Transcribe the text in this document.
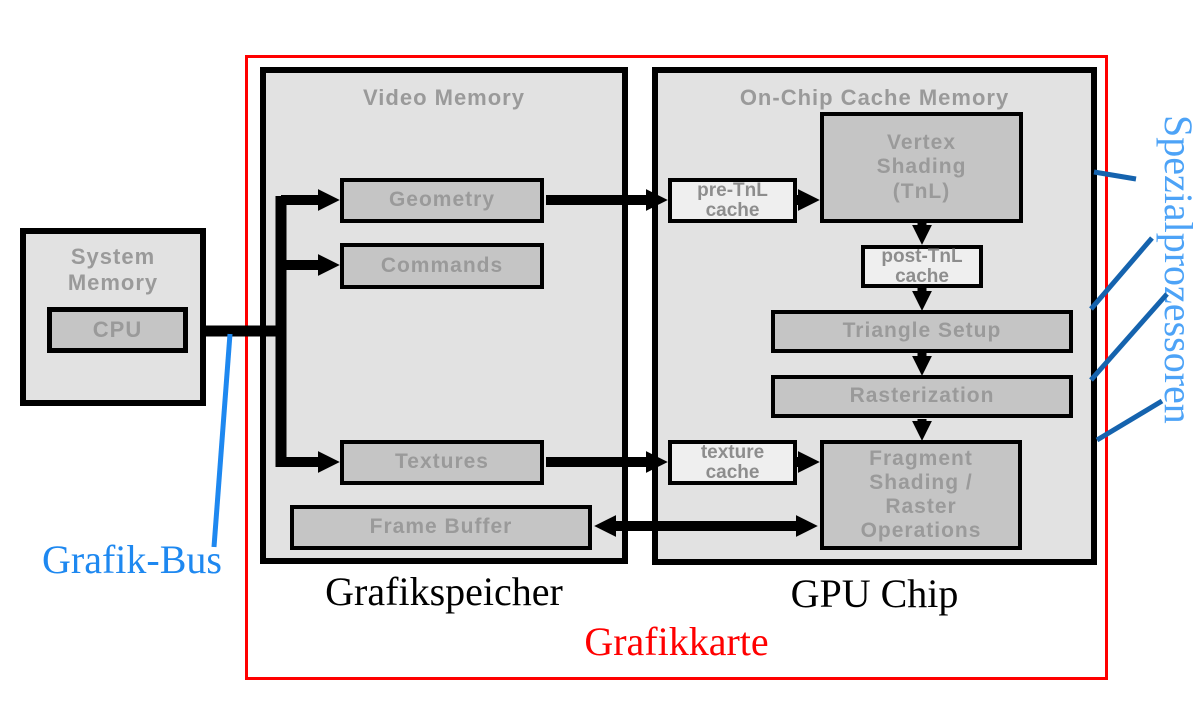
System Memory
CPU
Video Memory	On-Chip Cache Memory
Geometry
Commands
Textures
Frame Buffer
pre-TnL cache
Vertex Shading (TnL)
post-TnL cache
Triangle Setup
Rasterization
texture cache
Fragment Shading / Raster Operations
Grafikspeicher	GPU Chip
Grafikkarte
Grafik-Bus
Spezialprozessoren
